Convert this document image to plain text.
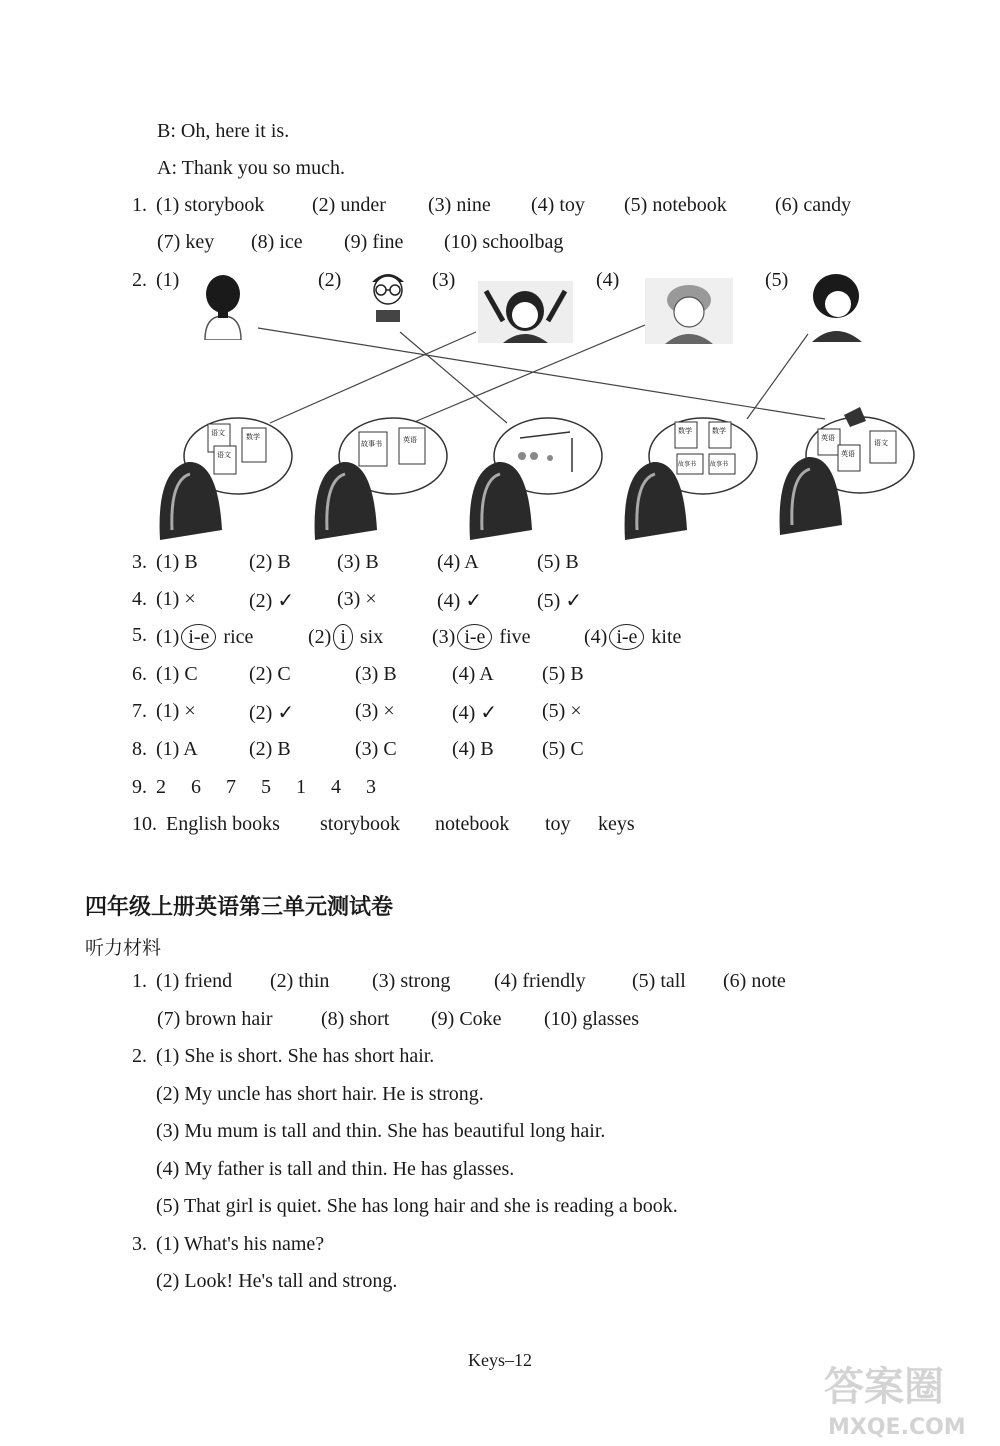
B: Oh, here it is.
A: Thank you so much.
1. (1) storybook (2) under (3) nine (4) toy (5) notebook (6) candy
(7) key (8) ice (9) fine (10) schoolbag
2. (1)	(2)	(3)	(4)	(5)
语文	数学
语文
故事书	英语
数学	数学
故事书 故事书
英语
英语
语文
3. (1) B	(2) B (3) B	(4) A	(5) B
4. (1) ×	(2) ✓ (3) ×	(4) ✓	(5) ✓
5. (1) i-e rice	(2) i six (3) i-e five	(4) i-e kite
6. (1) C	(2) C	(3) B	(4) A (5) B
7. (1) ×	(2) ✓	(3) ×	(4) ✓ (5) ×
8. (1) A	(2) B	(3) C	(4) B (5) C
9. 2 6 7 5 1 4 3
10. English books storybook notebook toy keys
四年级上册英语第三单元测试卷
听力材料
1. (1) friend (2) thin (3) strong (4) friendly (5) tall (6) note
(7) brown hair (8) short (9) Coke (10) glasses
2. (1) She is short. She has short hair.
(2) My uncle has short hair. He is strong.
(3) Mu mum is tall and thin. She has beautiful long hair.
(4) My father is tall and thin. He has glasses.
(5) That girl is quiet. She has long hair and she is reading a book.
3. (1) What's his name?
(2) Look! He's tall and strong.
Keys–12
答案圈
MXQE.COM
